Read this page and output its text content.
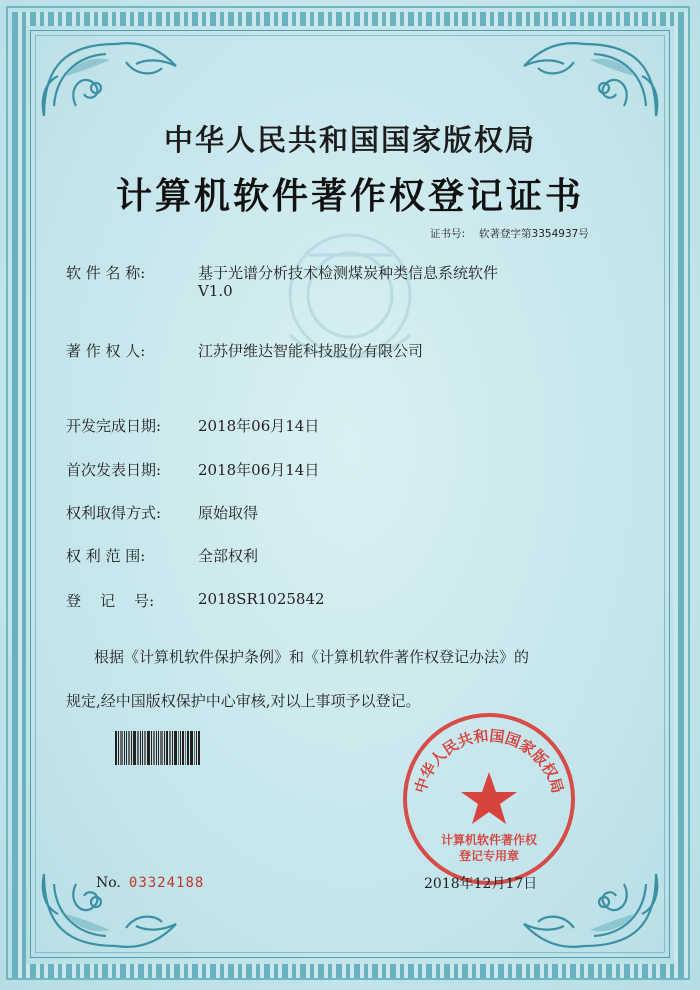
中华人民共和国国家版权局
计算机软件著作权登记证书
证书号: 软著登字第3354937号
软 件 名 称:	基于光谱分析技术检测煤炭种类信息系统软件
V1.0
著 作 权 人:	江苏伊维达智能科技股份有限公司
开发完成日期: 2018年06月14日
首次发表日期: 2018年06月14日
权利取得方式: 原始取得
权 利 范 围:	全部权利
登    记    号:	2018SR1025842
根据《计算机软件保护条例》和《计算机软件著作权登记办法》的
规定,经中国版权保护中心审核,对以上事项予以登记。
中华人民共和国国家版权局
计算机软件著作权
登记专用章
No. 03324188	2018年12月17日
